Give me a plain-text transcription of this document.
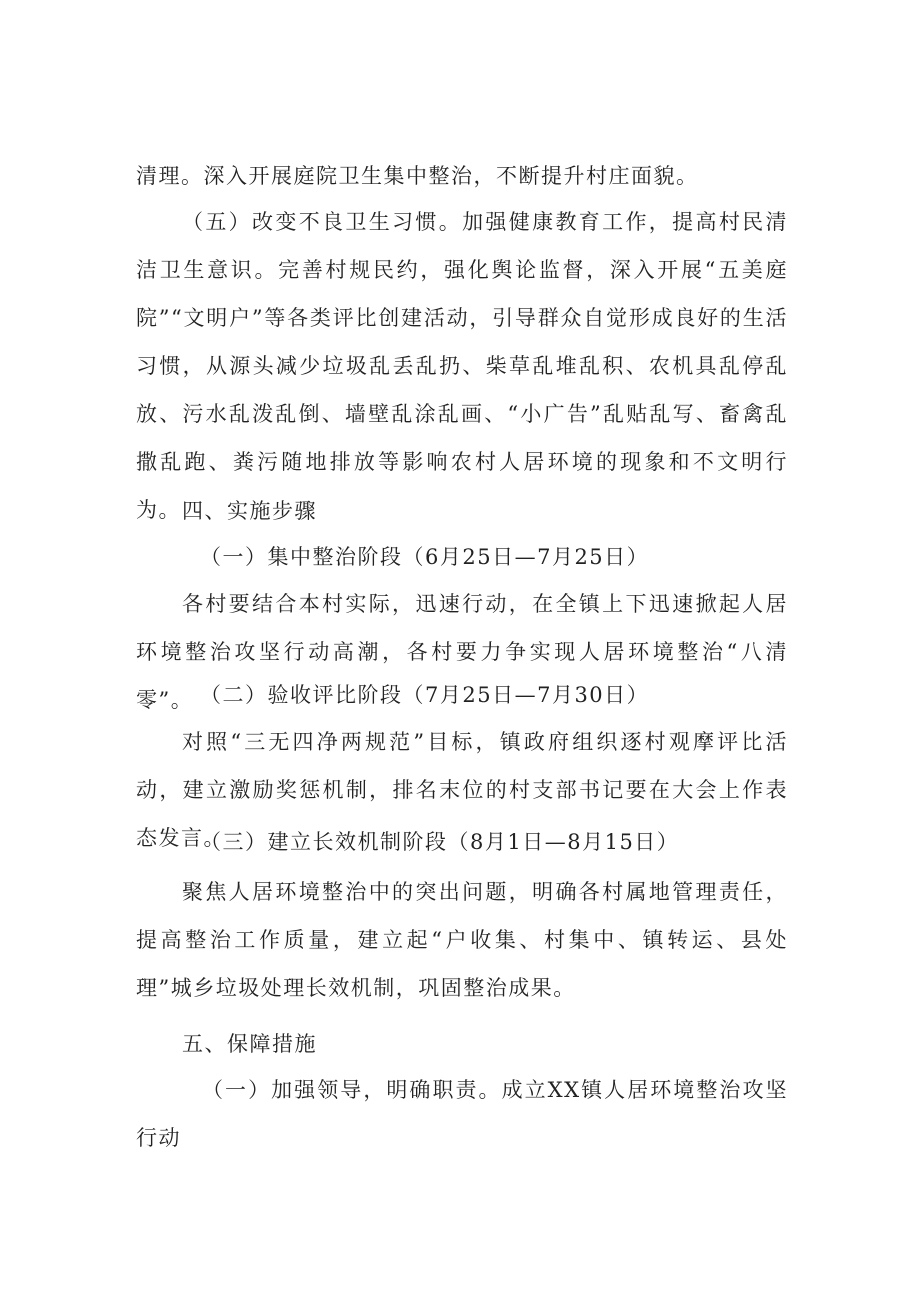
清理。深入开展庭院卫生集中整治，不断提升村庄面貌。

（五）改变不良卫生习惯。加强健康教育工作，提高村民清洁卫生意识。完善村规民约，强化舆论监督，深入开展“五美庭院”“文明户”等各类评比创建活动，引导群众自觉形成良好的生活习惯，从源头减少垃圾乱丢乱扔、柴草乱堆乱积、农机具乱停乱放、污水乱泼乱倒、墙壁乱涂乱画、“小广告”乱贴乱写、畜禽乱撒乱跑、粪污随地排放等影响农村人居环境的现象和不文明行为。 四、实施步骤

（一）集中整治阶段（6月25日—7月25日）

各村要结合本村实际，迅速行动，在全镇上下迅速掀起人居环境整治攻坚行动高潮，各村要力争实现人居环境整治“八清零”。 （二）验收评比阶段（7月25日—7月30日）

对照“三无四净两规范”目标，镇政府组织逐村观摩评比活动，建立激励奖惩机制，排名末位的村支部书记要在大会上作表态发言。

（三）建立长效机制阶段（8月1日—8月15日）

聚焦人居环境整治中的突出问题，明确各村属地管理责任，提高整治工作质量，建立起“户收集、村集中、镇转运、县处理”城乡垃圾处理长效机制，巩固整治成果。

五、保障措施

（一）加强领导，明确职责。成立XX镇人居环境整治攻坚行动
